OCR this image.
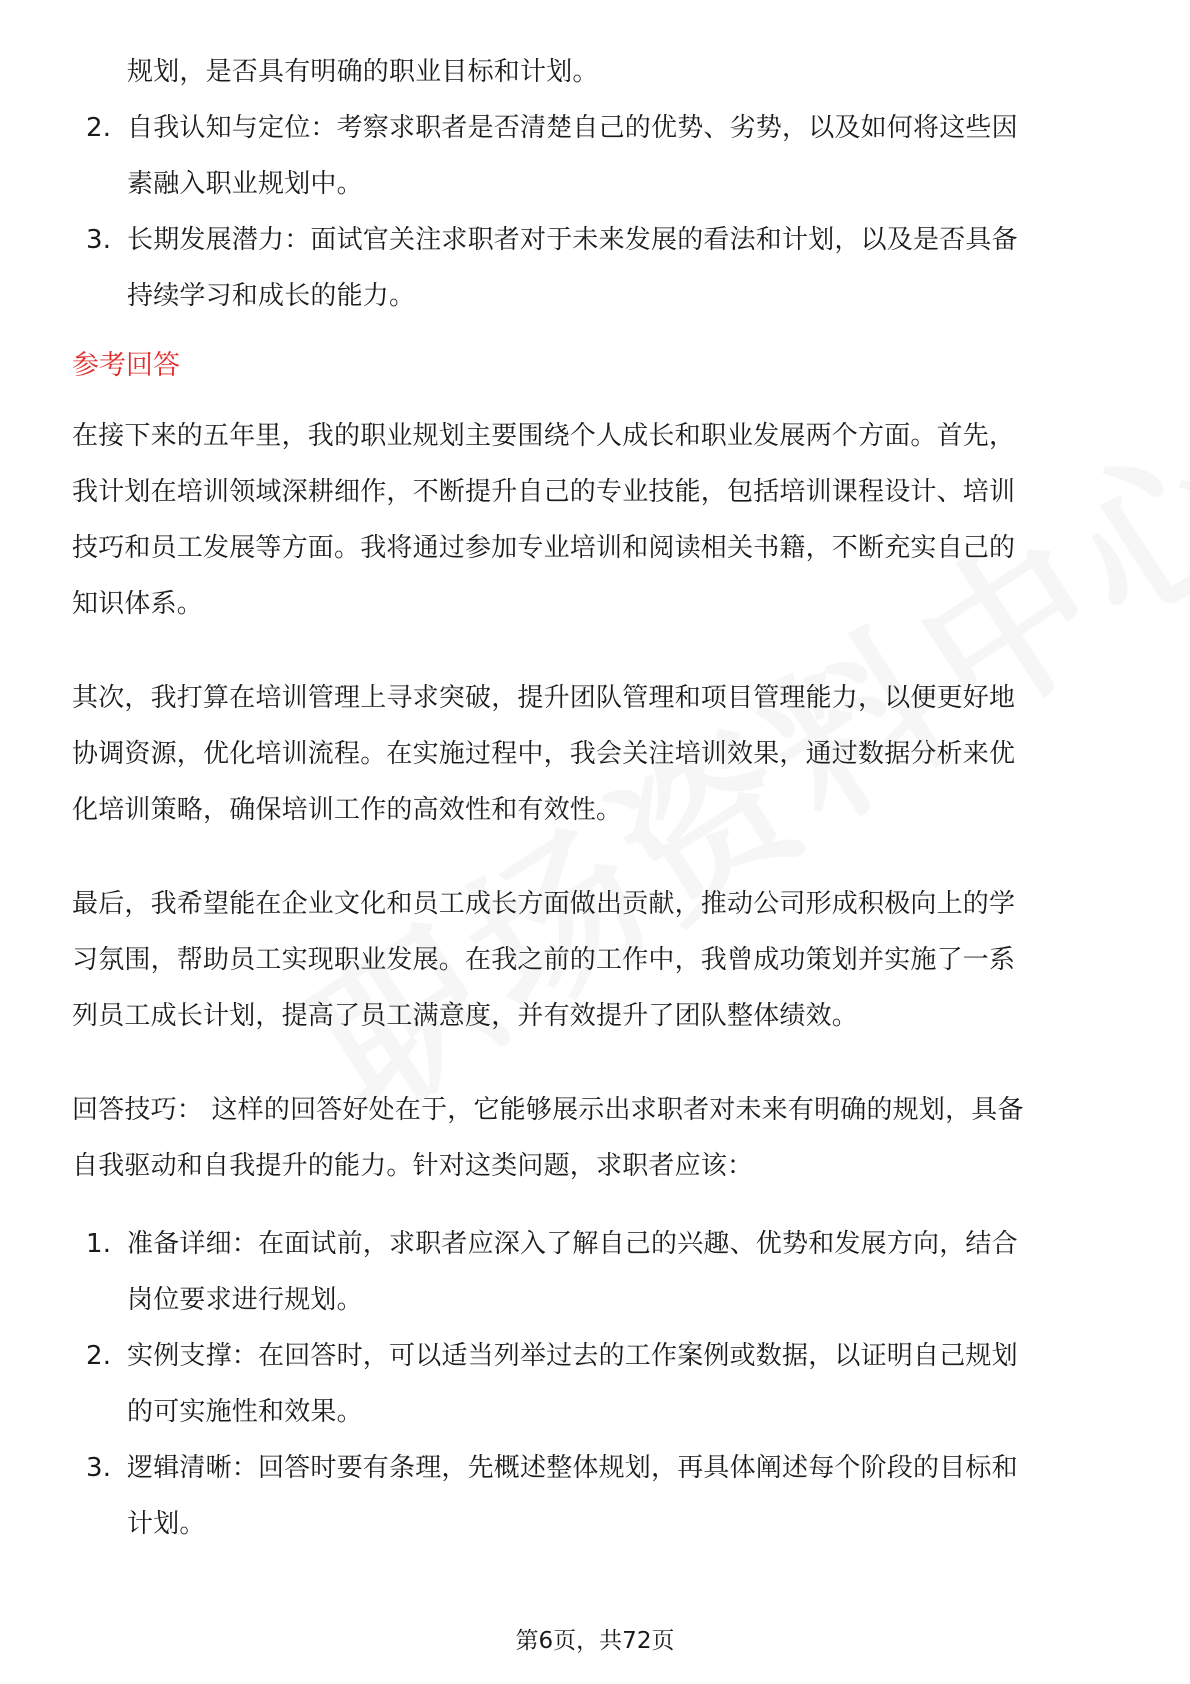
规划，是否具有明确的职业目标和计划。
2. 自我认知与定位：考察求职者是否清楚自己的优势、劣势，以及如何将这些因
素融入职业规划中。
3. 长期发展潜力：面试官关注求职者对于未来发展的看法和计划，以及是否具备
持续学习和成长的能力。
参考回答
在接下来的五年里，我的职业规划主要围绕个人成长和职业发展两个方面。首先，
我计划在培训领域深耕细作，不断提升自己的专业技能，包括培训课程设计、培训
技巧和员工发展等方面。我将通过参加专业培训和阅读相关书籍，不断充实自己的
知识体系。
其次，我打算在培训管理上寻求突破，提升团队管理和项目管理能力，以便更好地
协调资源，优化培训流程。在实施过程中，我会关注培训效果，通过数据分析来优
化培训策略，确保培训工作的高效性和有效性。
最后，我希望能在企业文化和员工成长方面做出贡献，推动公司形成积极向上的学
习氛围，帮助员工实现职业发展。在我之前的工作中，我曾成功策划并实施了一系
列员工成长计划，提高了员工满意度，并有效提升了团队整体绩效。
回答技巧： 这样的回答好处在于，它能够展示出求职者对未来有明确的规划，具备
自我驱动和自我提升的能力。针对这类问题，求职者应该：
1. 准备详细：在面试前，求职者应深入了解自己的兴趣、优势和发展方向，结合
岗位要求进行规划。
2. 实例支撑：在回答时，可以适当列举过去的工作案例或数据，以证明自己规划
的可实施性和效果。
3. 逻辑清晰：回答时要有条理，先概述整体规划，再具体阐述每个阶段的目标和
计划。
第6页，共72页
